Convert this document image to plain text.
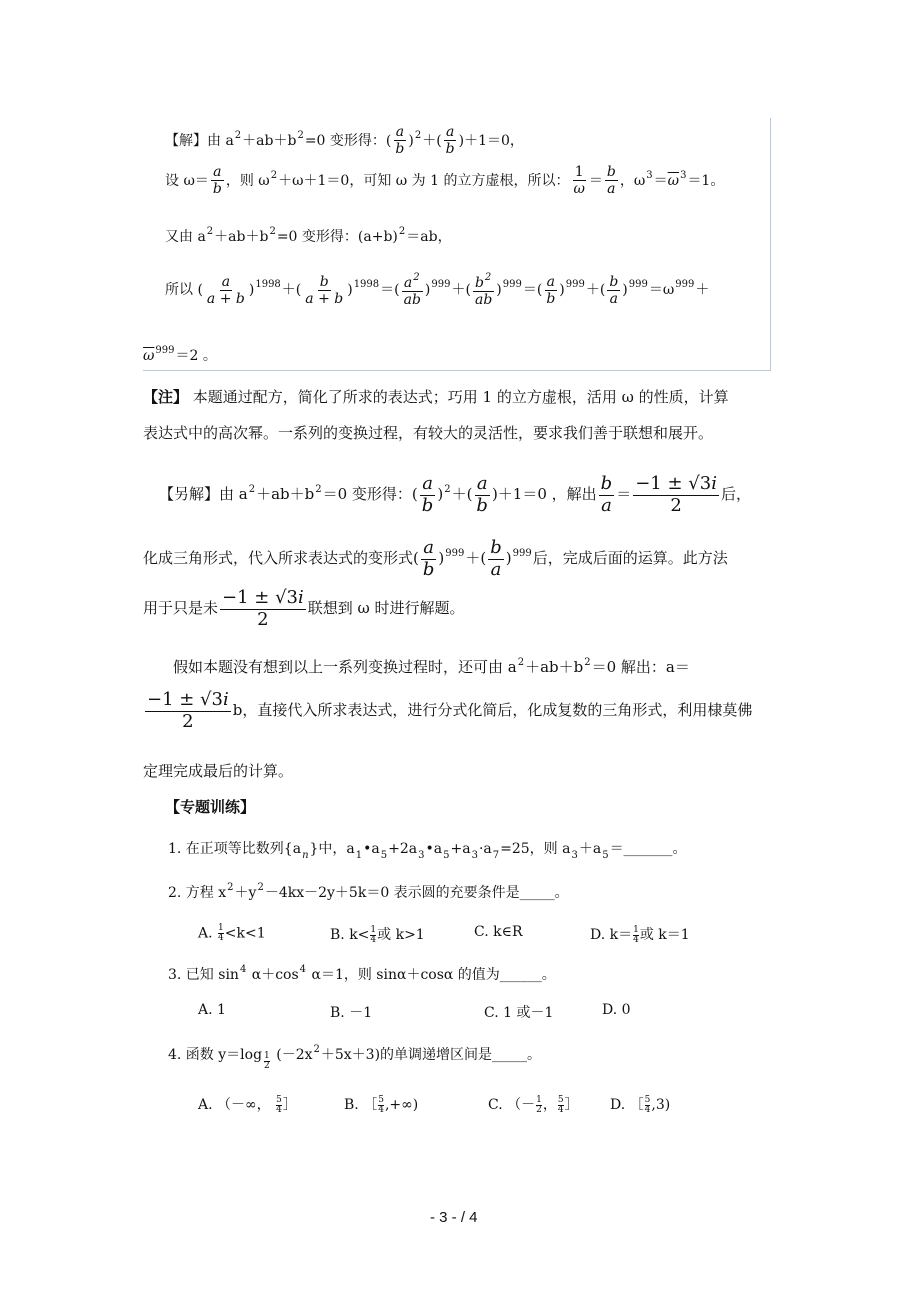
【解】由 $a^2+ab+b^2=0$ 变形得：( $\frac{a}{b} )^2+( \frac{a}{b} )+1=0$，
设 $\omega= \frac{a}{b}$ ，则 $\omega^2+\omega+1=0$，可知 ω 为 1 的立方虚根，所以： $\frac{1}{\omega} = \frac{b}{a}$ ，$\omega^3=\overline{\omega}^3=1$。
又由 $a^2+ab+b^2=0$ 变形得：$(a+b)^2=ab$，
所以 ( $\frac{a}{a + b} )^{1998}+( \frac{b}{a + b} )^{1998}=( \frac{a^2}{ab} )^{999}+( \frac{b^2}{ab} )^{999}=( \frac{a}{b} )^{999}+( \frac{b}{a} )^{999}=\omega^{999}+$
$\overline{\omega}^{999}=2$ 。
【注】 本题通过配方，简化了所求的表达式；巧用 1 的立方虚根，活用 ω 的性质，计算
表达式中的高次幂。一系列的变换过程，有较大的灵活性，要求我们善于联想和展开。
【另解】由 $a^2+ab+b^2=0$ 变形得：( $\frac{a}{b} )^2+( \frac{a}{b} )+1=0$ ，解出 $\frac{b}{a} = \frac{-1 \pm √3i}{2}$ 后，
化成三角形式，代入所求表达式的变形式( $\frac{a}{b} )^{999}+( \frac{b}{a} )^{999}$后，完成后面的运算。此方法
用于只是未 $\frac{-1 \pm √3i}{2}$ 联想到 ω 时进行解题。
假如本题没有想到以上一系列变换过程时，还可由 $a^2+ab+b^2=0$ 解出：a＝
$\frac{-1 \pm √3i}{2}$ b，直接代入所求表达式，进行分式化简后，化成复数的三角形式，利用棣莫佛
定理完成最后的计算。
【专题训练】
1. 在正项等比数列$\{a_n\}$中，$a_1•a_5+2a_3•a_5+a_3\cdot a_7=25$，则 $a_3+a_5=\_\_\_\_\_\_\_$。
2. 方程 $x^2+y^2-4kx-2y+5k=0$ 表示圆的充要条件是_____。
A. $\frac{1}{4} <k<1$	B. $k< \frac{1}{4}$ 或 k>1	C. k∈R	D. $k= \frac{1}{4}$ 或 k＝1
3. 已知 $\sin^4 \alpha+\cos^4$ α＝1，则 sinα＋cosα 的值为______。
A. 1	B. －1	C. 1 或－1	D. 0
4. 函数 y＝log $_{\frac{1}{2}}$ $(-2x^2+5x+3)$的单调递增区间是_____。
A. （－∞， $\frac{5}{4}$ ］	B. ［ $\frac{5}{4}$ ,+∞)	C. （－ $\frac{1}{2}$ ， $\frac{5}{4}$ ］ D. ［ $\frac{5}{4} ,3$)
- 3 - / 4
